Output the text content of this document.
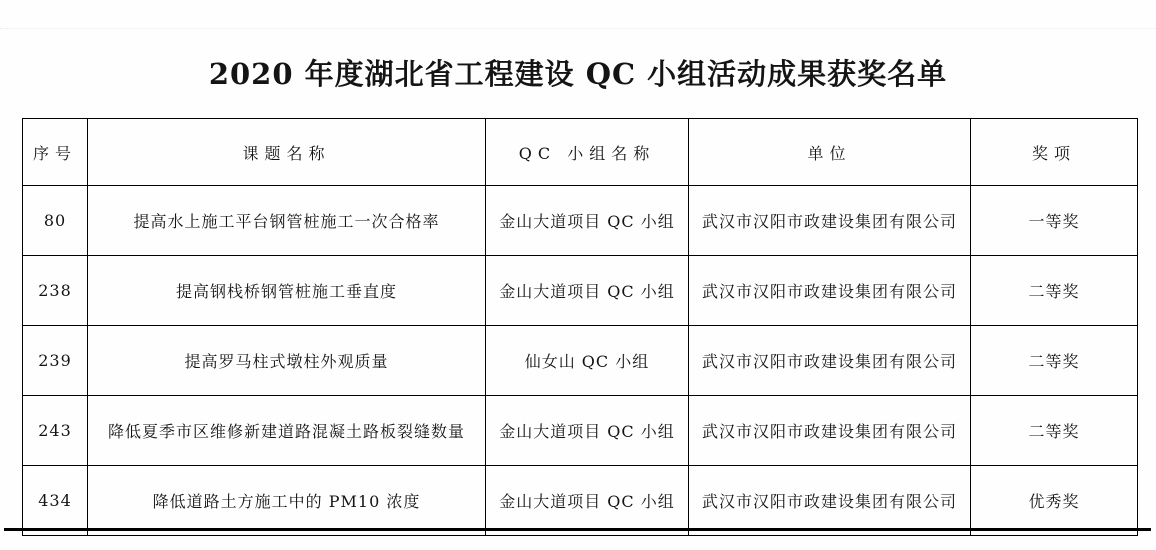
2020 年度湖北省工程建设 QC 小组活动成果获奖名单
序号	课题名称	QC 小组名称	单位	奖项
80	提高水上施工平台钢管桩施工一次合格率	金山大道项目 QC 小组	武汉市汉阳市政建设集团有限公司	一等奖
238	提高钢栈桥钢管桩施工垂直度	金山大道项目 QC 小组	武汉市汉阳市政建设集团有限公司	二等奖
239	提高罗马柱式墩柱外观质量	仙女山 QC 小组	武汉市汉阳市政建设集团有限公司	二等奖
243	降低夏季市区维修新建道路混凝土路板裂缝数量	金山大道项目 QC 小组	武汉市汉阳市政建设集团有限公司	二等奖
434	降低道路土方施工中的 PM10 浓度	金山大道项目 QC 小组	武汉市汉阳市政建设集团有限公司	优秀奖
